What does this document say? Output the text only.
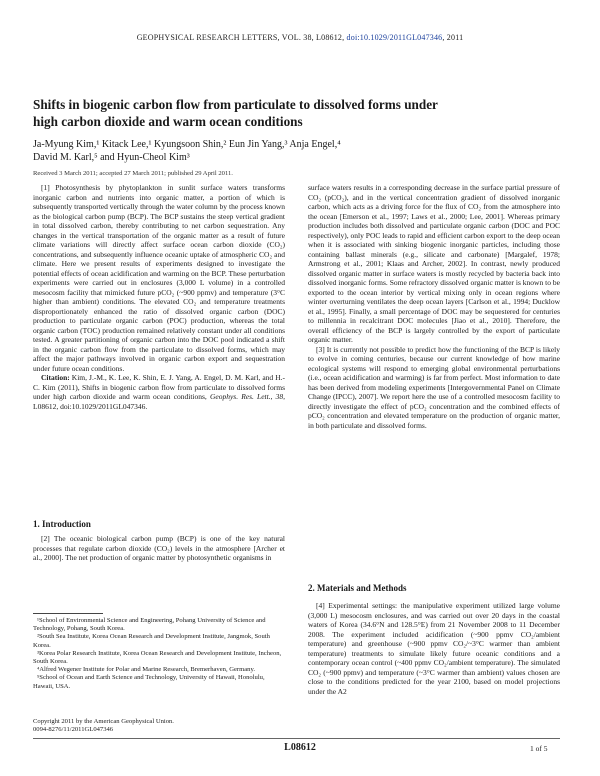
GEOPHYSICAL RESEARCH LETTERS, VOL. 38, L08612, doi:10.1029/2011GL047346, 2011
Shifts in biogenic carbon flow from particulate to dissolved forms under high carbon dioxide and warm ocean conditions
Ja-Myung Kim,¹ Kitack Lee,¹ Kyungsoon Shin,² Eun Jin Yang,³ Anja Engel,⁴
David M. Karl,⁵ and Hyun-Cheol Kim³
Received 3 March 2011; accepted 27 March 2011; published 29 April 2011.

[1] Photosynthesis by phytoplankton in sunlit surface waters transforms inorganic carbon and nutrients into organic matter, a portion of which is subsequently transported vertically through the water column by the process known as the biological carbon pump (BCP). The BCP sustains the steep vertical gradient in total dissolved carbon, thereby contributing to net carbon sequestration. Any changes in the vertical transportation of the organic matter as a result of future climate variations will directly affect surface ocean carbon dioxide (CO₂) concentrations, and subsequently influence oceanic uptake of atmospheric CO₂ and climate. Here we present results of experiments designed to investigate the potential effects of ocean acidification and warming on the BCP. These perturbation experiments were carried out in enclosures (3,000 L volume) in a controlled mesocosm facility that mimicked future pCO₂ (~900 ppmv) and temperature (3°C higher than ambient) conditions. The elevated CO₂ and temperature treatments disproportionately enhanced the ratio of dissolved organic carbon (DOC) production to particulate organic carbon (POC) production, whereas the total organic carbon (TOC) production remained relatively constant under all conditions tested. A greater partitioning of organic carbon into the DOC pool indicated a shift in the organic carbon flow from the particulate to dissolved forms, which may affect the major pathways involved in organic carbon export and sequestration under future ocean conditions.

Citation: Kim, J.-M., K. Lee, K. Shin, E. J. Yang, A. Engel, D. M. Karl, and H.-C. Kim (2011), Shifts in biogenic carbon flow from particulate to dissolved forms under high carbon dioxide and warm ocean conditions, Geophys. Res. Lett., 38, L08612, doi:10.1029/2011GL047346.

1. Introduction

[2] The oceanic biological carbon pump (BCP) is one of the key natural processes that regulate carbon dioxide (CO₂) levels in the atmosphere [Archer et al., 2000]. The net production of organic matter by photosynthetic organisms in

¹School of Environmental Science and Engineering, Pohang University of Science and Technology, Pohang, South Korea.

²South Sea Institute, Korea Ocean Research and Development Institute, Jangmok, South Korea.

³Korea Polar Research Institute, Korea Ocean Research and Development Institute, Incheon, South Korea.

⁴Alfred Wegener Institute for Polar and Marine Research, Bremerhaven, Germany.

⁵School of Ocean and Earth Science and Technology, University of Hawaii, Honolulu, Hawaii, USA.

Copyright 2011 by the American Geophysical Union.
0094-8276/11/2011GL047346

surface waters results in a corresponding decrease in the surface partial pressure of CO₂ (pCO₂), and in the vertical concentration gradient of dissolved inorganic carbon, which acts as a driving force for the flux of CO₂ from the atmosphere into the ocean [Emerson et al., 1997; Laws et al., 2000; Lee, 2001]. Whereas primary production includes both dissolved and particulate organic carbon (DOC and POC respectively), only POC leads to rapid and efficient carbon export to the deep ocean when it is associated with sinking biogenic inorganic particles, including those containing ballast minerals (e.g., silicate and carbonate) [Margalef, 1978; Armstrong et al., 2001; Klaas and Archer, 2002]. In contrast, newly produced dissolved organic matter in surface waters is mostly recycled by bacteria back into dissolved inorganic forms. Some refractory dissolved organic matter is known to be exported to the ocean interior by vertical mixing only in ocean regions where winter overturning ventilates the deep ocean layers [Carlson et al., 1994; Ducklow et al., 1995]. Finally, a small percentage of DOC may be sequestered for centuries to millennia in recalcitrant DOC molecules [Jiao et al., 2010]. Therefore, the overall efficiency of the BCP is largely controlled by the export of particulate organic matter.

[3] It is currently not possible to predict how the functioning of the BCP is likely to evolve in coming centuries, because our current knowledge of how marine ecological systems will respond to emerging global environmental perturbations (i.e., ocean acidification and warming) is far from perfect. Most information to date has been derived from modeling experiments [Intergovernmental Panel on Climate Change (IPCC), 2007]. We report here the use of a controlled mesocosm facility to directly investigate the effect of pCO₂ concentration and the combined effects of pCO₂ concentration and elevated temperature on the production of organic matter, in both particulate and dissolved forms.

2. Materials and Methods

[4] Experimental settings: the manipulative experiment utilized large volume (3,000 L) mesocosm enclosures, and was carried out over 20 days in the coastal waters of Korea (34.6°N and 128.5°E) from 21 November 2008 to 11 December 2008. The experiment included acidification (~900 ppmv CO₂/ambient temperature) and greenhouse (~900 ppmv CO₂/~3°C warmer than ambient temperature) treatments to simulate likely future oceanic conditions and a contemporary ocean control (~400 ppmv CO₂/ambient temperature). The simulated CO₂ (~900 ppmv) and temperature (~3°C warmer than ambient) values chosen are close to the conditions predicted for the year 2100, based on model projections under the A2

L08612	1 of 5
